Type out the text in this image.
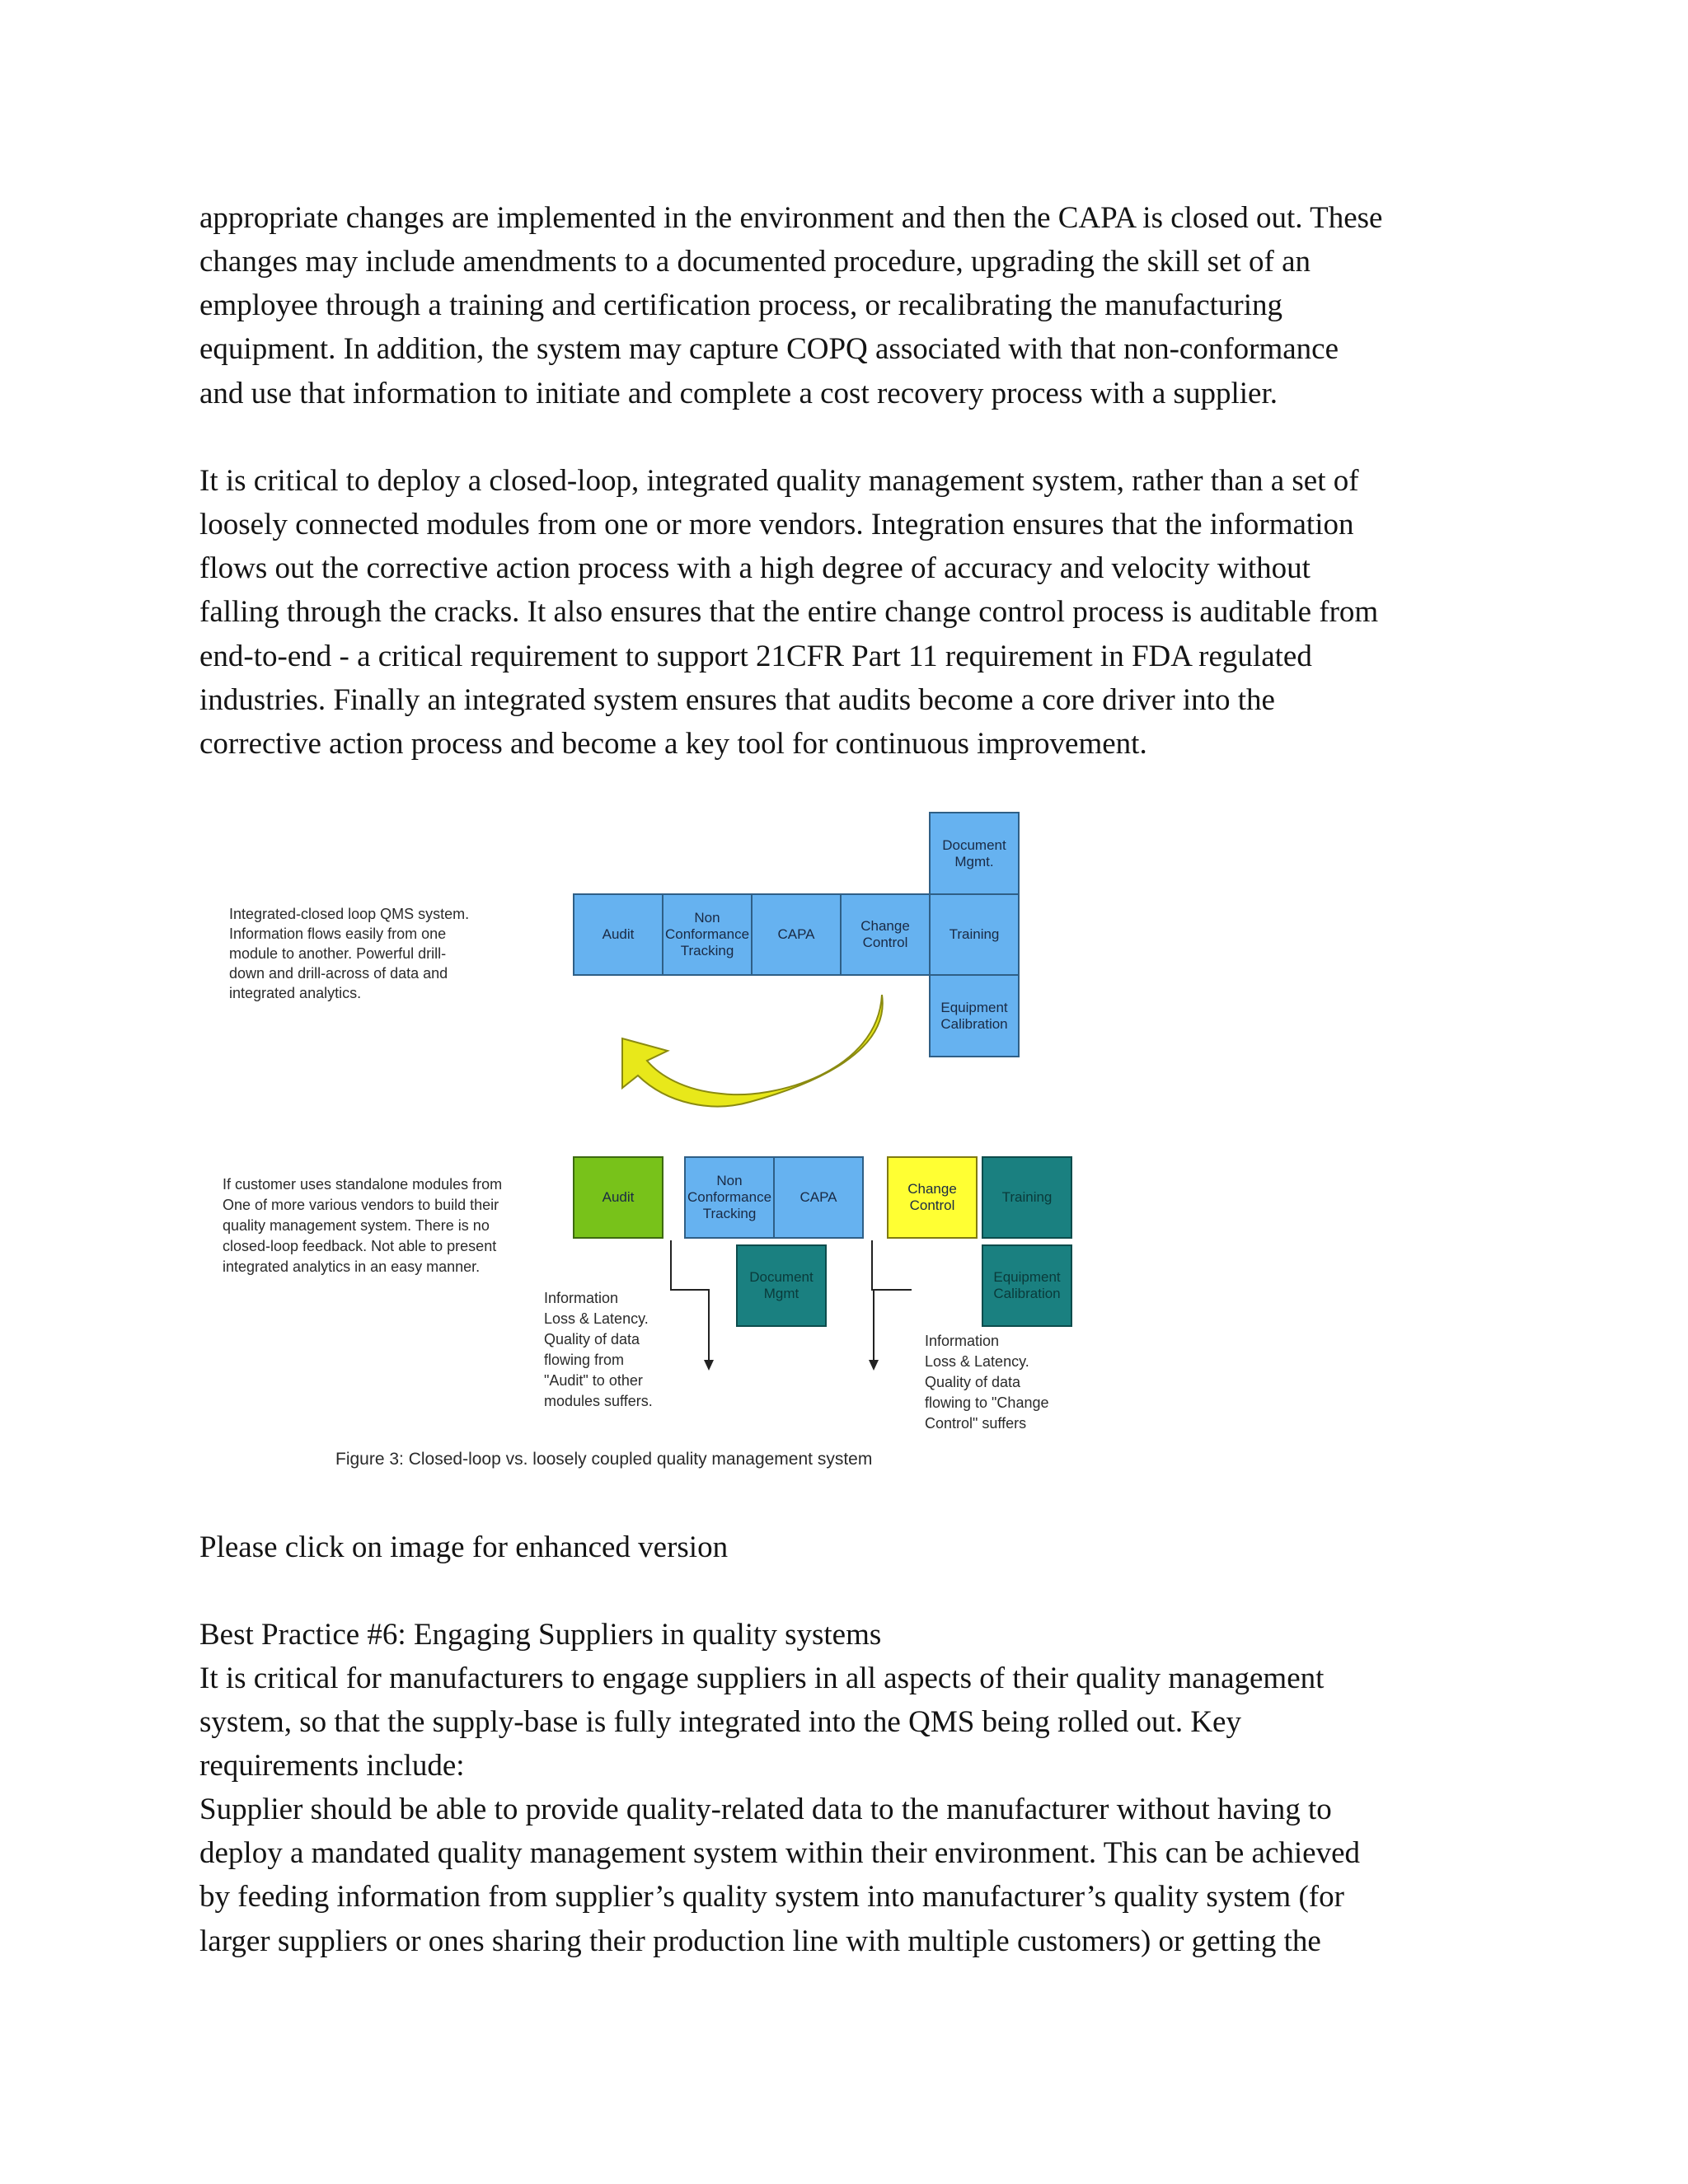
appropriate changes are implemented in the environment and then the CAPA is closed out. These
changes may include amendments to a documented procedure, upgrading the skill set of an
employee through a training and certification process, or recalibrating the manufacturing
equipment. In addition, the system may capture COPQ associated with that non-conformance
and use that information to initiate and complete a cost recovery process with a supplier.
It is critical to deploy a closed-loop, integrated quality management system, rather than a set of
loosely connected modules from one or more vendors. Integration ensures that the information
flows out the corrective action process with a high degree of accuracy and velocity without
falling through the cracks. It also ensures that the entire change control process is auditable from
end-to-end - a critical requirement to support 21CFR Part 11 requirement in FDA regulated
industries. Finally an integrated system ensures that audits become a core driver into the
corrective action process and become a key tool for continuous improvement.
Integrated-closed loop QMS system.
Information flows easily from one
module to another. Powerful drill-
down and drill-across of data and
integrated analytics.
Audit
Non
Conformance
Tracking
CAPA
Change
Control
Training
Document
Mgmt.
Equipment
Calibration
If customer uses standalone modules from
One of more various vendors to build their
quality management system. There is no
closed-loop feedback. Not able to present
integrated analytics in an easy manner.
Audit
Non
Conformance
Tracking
CAPA
Change
Control
Training
Document
Mgmt
Equipment
Calibration
Information
Loss & Latency.
Quality of data
flowing from
"Audit" to other
modules suffers.
Information
Loss & Latency.
Quality of data
flowing to "Change
Control" suffers
Figure 3: Closed-loop vs. loosely coupled quality management system
Please click on image for enhanced version
Best Practice #6: Engaging Suppliers in quality systems
It is critical for manufacturers to engage suppliers in all aspects of their quality management
system, so that the supply-base is fully integrated into the QMS being rolled out. Key
requirements include:
Supplier should be able to provide quality-related data to the manufacturer without having to
deploy a mandated quality management system within their environment. This can be achieved
by feeding information from supplier’s quality system into manufacturer’s quality system (for
larger suppliers or ones sharing their production line with multiple customers) or getting the
